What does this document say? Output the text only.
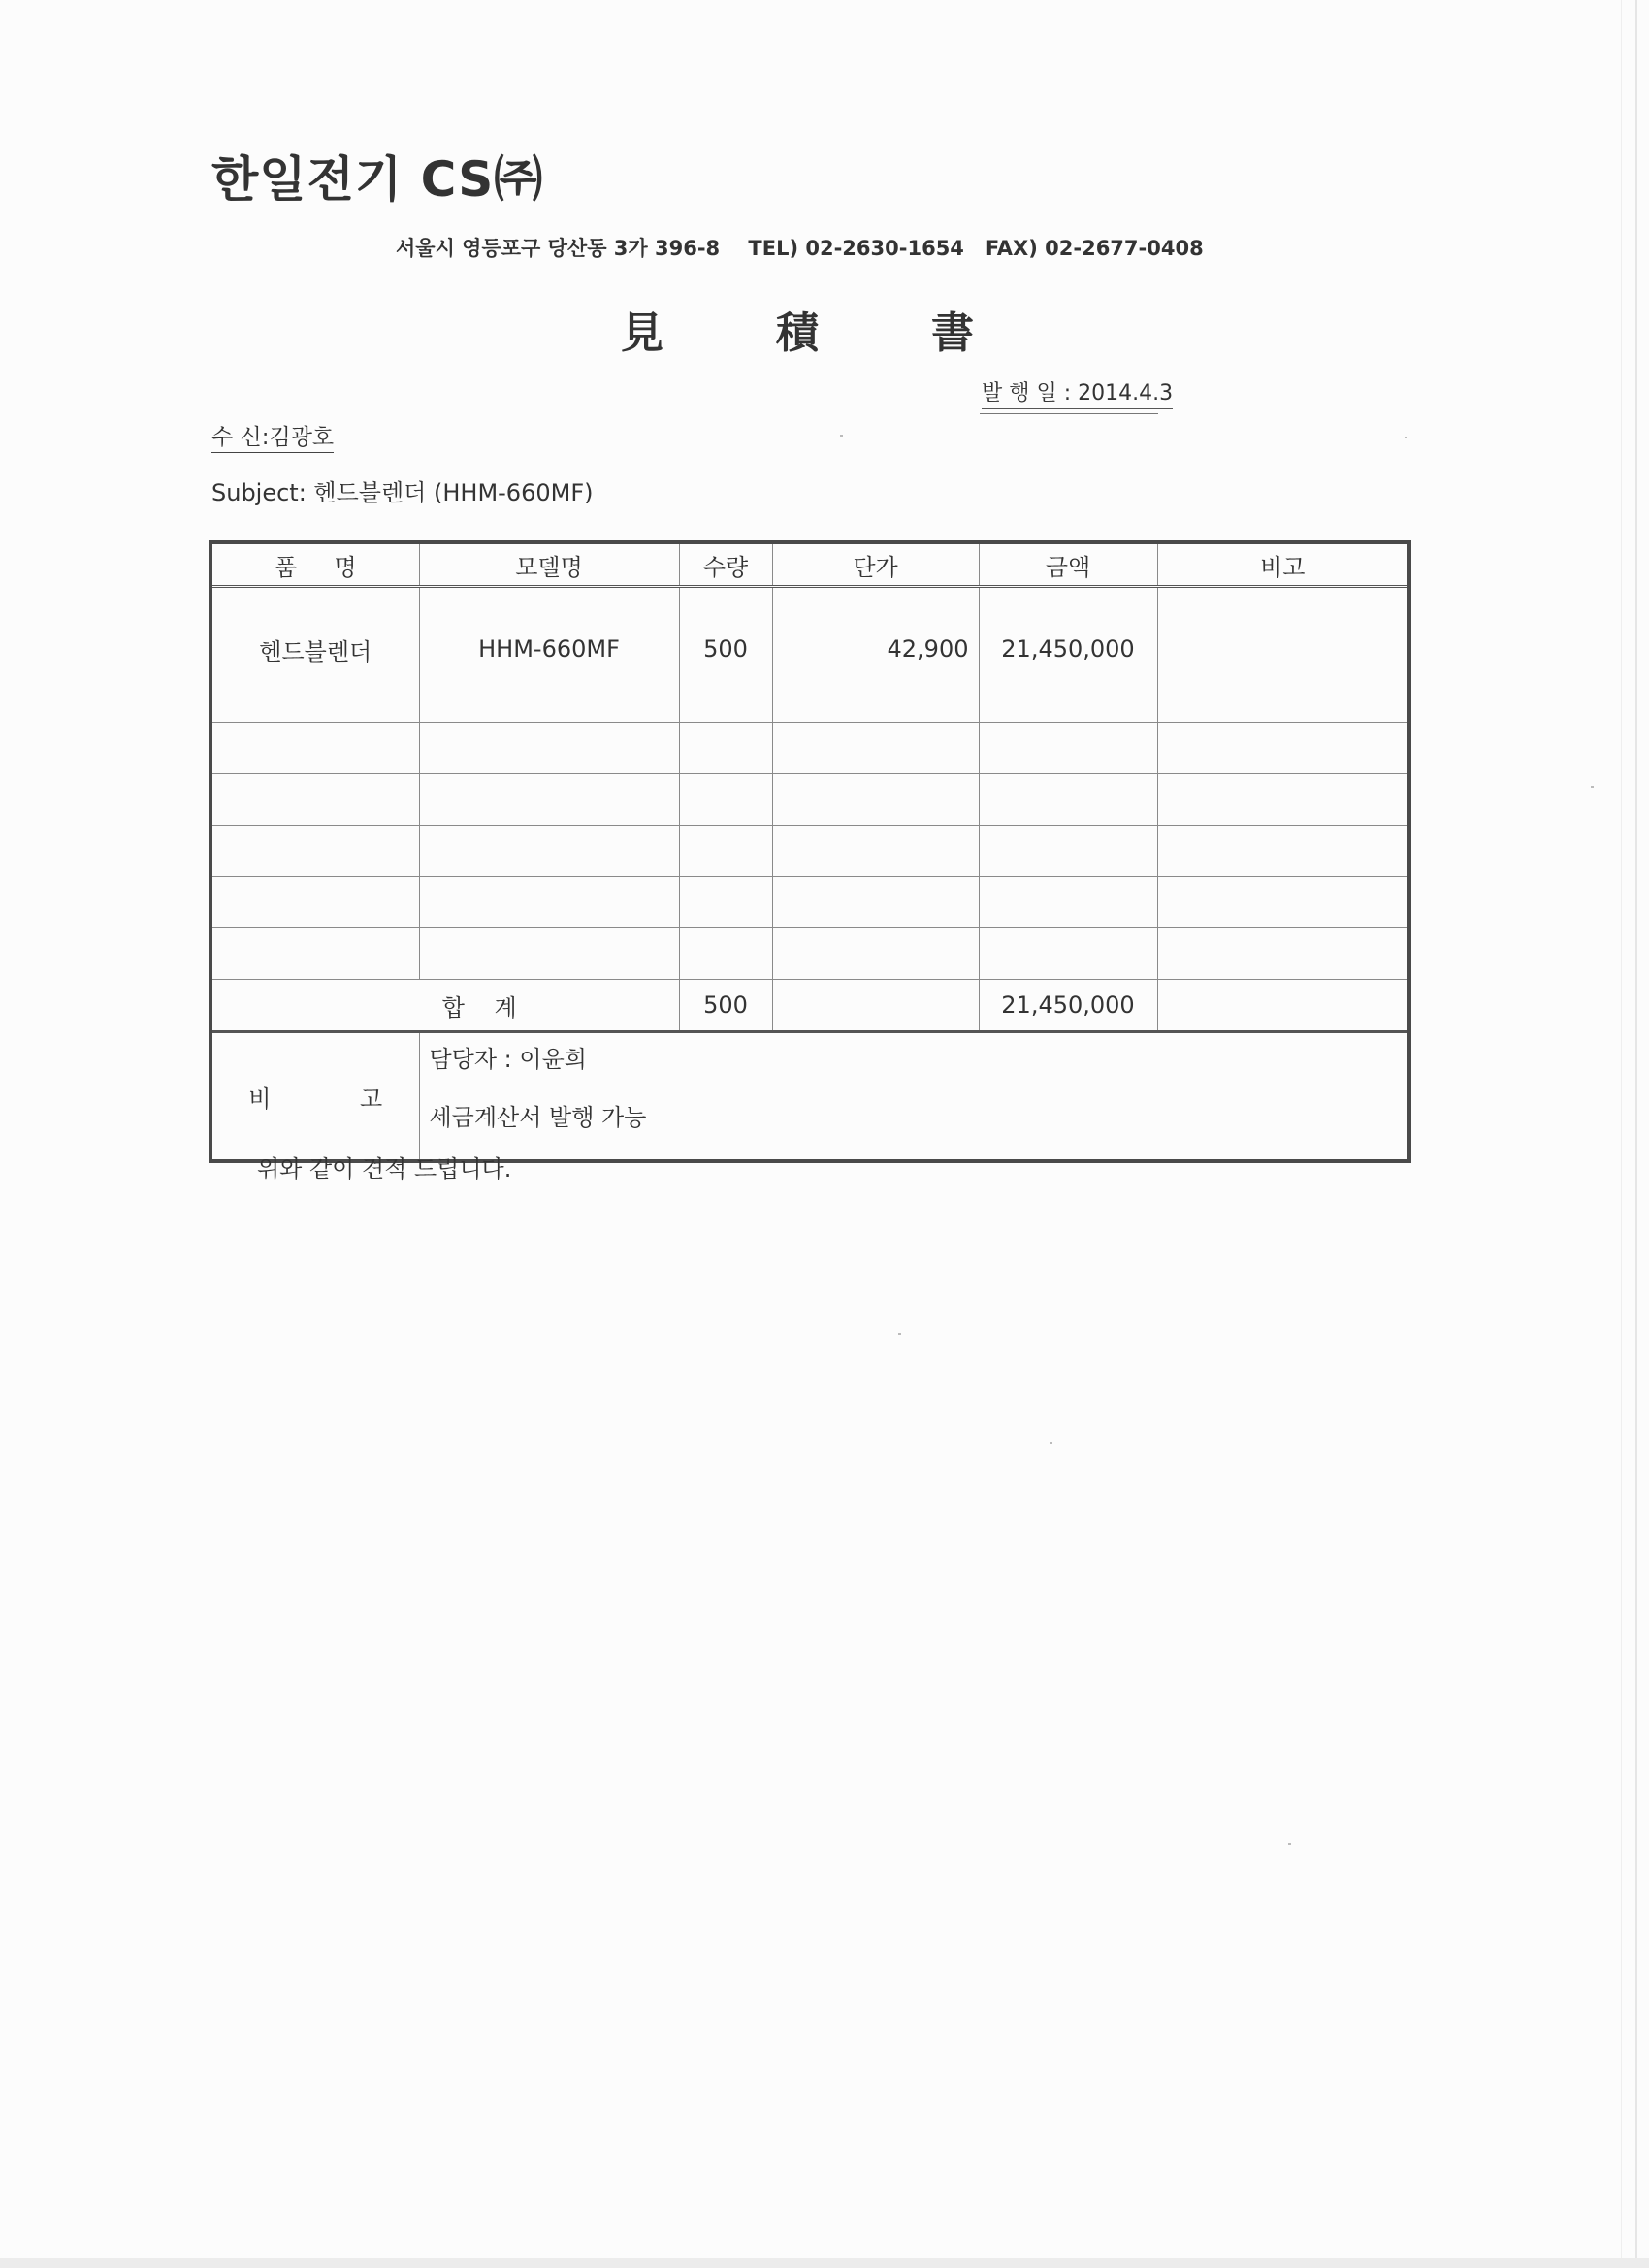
한일전기 CS㈜
서울시 영등포구 당산동 3가 396-8    TEL) 02-2630-1654   FAX) 02-2677-0408
見	積	書
발 행 일 : 2014.4.3
수 신:김광호
Subject: 헨드블렌더 (HHM-660MF)
품     명	모델명	수량	단가	금액	비고
헨드블렌더	HHM-660MF	500	42,900	21,450,000	

합    계		500		21,450,000	
비            고	담당자 : 이윤희
세금계산서 발행 가능				
위와 같이 견적 드립니다.
